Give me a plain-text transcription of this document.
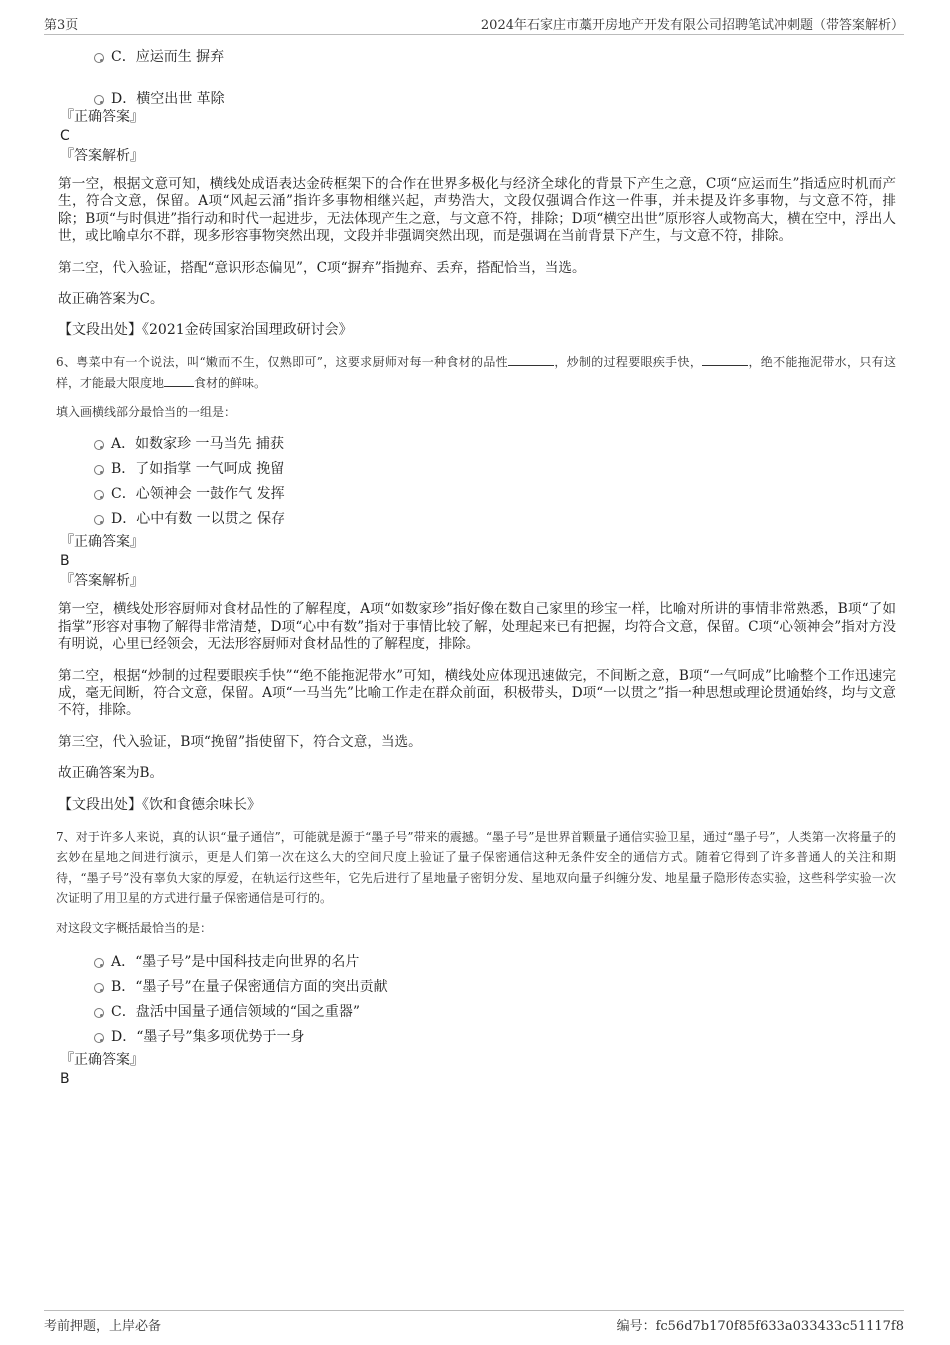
第3页	2024年石家庄市藁开房地产开发有限公司招聘笔试冲刺题（带答案解析）
C．应运而生 摒弃
D．横空出世 革除
『正确答案』
C
『答案解析』

第一空，根据文意可知，横线处成语表达金砖框架下的合作在世界多极化与经济全球化的背景下产生之意，C项“应运而生”指适应时机而产生，符合文意，保留。A项“风起云涌”指许多事物相继兴起，声势浩大，文段仅强调合作这一件事，并未提及许多事物，与文意不符，排除；B项“与时俱进”指行动和时代一起进步，无法体现产生之意，与文意不符，排除；D项“横空出世”原形容人或物高大，横在空中，浮出人世，或比喻卓尔不群，现多形容事物突然出现，文段并非强调突然出现，而是强调在当前背景下产生，与文意不符，排除。

第二空，代入验证，搭配“意识形态偏见”，C项“摒弃”指抛弃、丢弃，搭配恰当，当选。

故正确答案为C。

【文段出处】《2021金砖国家治国理政研讨会》

6、粤菜中有一个说法，叫“嫩而不生，仅熟即可”，这要求厨师对每一种食材的品性	，炒制的过程要眼疾手快，	，绝不能拖泥带水，只有这样，才能最大限度地	食材的鲜味。

填入画横线部分最恰当的一组是：
A．如数家珍 一马当先 捕获
B．了如指掌 一气呵成 挽留
C．心领神会 一鼓作气 发挥
D．心中有数 一以贯之 保存
『正确答案』
B
『答案解析』

第一空，横线处形容厨师对食材品性的了解程度，A项“如数家珍”指好像在数自己家里的珍宝一样，比喻对所讲的事情非常熟悉，B项“了如指掌”形容对事物了解得非常清楚，D项“心中有数”指对于事情比较了解，处理起来已有把握，均符合文意，保留。C项“心领神会”指对方没有明说，心里已经领会，无法形容厨师对食材品性的了解程度，排除。

第二空，根据“炒制的过程要眼疾手快”“绝不能拖泥带水”可知，横线处应体现迅速做完，不间断之意，B项“一气呵成”比喻整个工作迅速完成，毫无间断，符合文意，保留。A项“一马当先”比喻工作走在群众前面，积极带头，D项“一以贯之”指一种思想或理论贯通始终，均与文意不符，排除。

第三空，代入验证，B项“挽留”指使留下，符合文意，当选。

故正确答案为B。

【文段出处】《饮和食德余味长》

7、对于许多人来说，真的认识“量子通信”，可能就是源于“墨子号”带来的震撼。“墨子号”是世界首颗量子通信实验卫星，通过“墨子号”，人类第一次将量子的玄妙在星地之间进行演示，更是人们第一次在这么大的空间尺度上验证了量子保密通信这种无条件安全的通信方式。随着它得到了许多普通人的关注和期待，“墨子号”没有辜负大家的厚爱，在轨运行这些年，它先后进行了星地量子密钥分发、星地双向量子纠缠分发、地星量子隐形传态实验，这些科学实验一次次证明了用卫星的方式进行量子保密通信是可行的。

对这段文字概括最恰当的是：
A．“墨子号”是中国科技走向世界的名片
B．“墨子号”在量子保密通信方面的突出贡献
C．盘活中国量子通信领域的“国之重器”
D．“墨子号”集多项优势于一身
『正确答案』
B
考前押题，上岸必备	编号：fc56d7b170f85f633a033433c51117f8
